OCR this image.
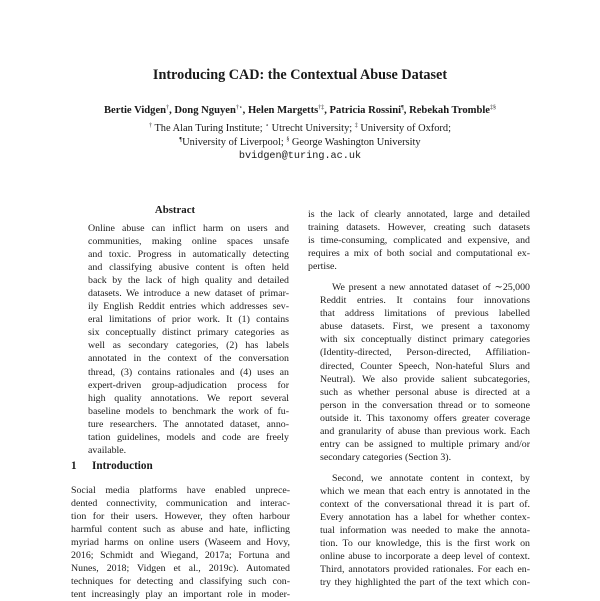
Introducing CAD: the Contextual Abuse Dataset
Bertie Vidgen†, Dong Nguyen†⋆, Helen Margetts†‡, Patricia Rossini¶, Rebekah Tromble‡§
† The Alan Turing Institute; ⋆ Utrecht University; ‡ University of Oxford;
¶University of Liverpool; § George Washington University
bvidgen@turing.ac.uk
Abstract
Online abuse can inflict harm on users and
communities, making online spaces unsafe
and toxic. Progress in automatically detecting
and classifying abusive content is often held
back by the lack of high quality and detailed
datasets. We introduce a new dataset of primar-
ily English Reddit entries which addresses sev-
eral limitations of prior work. It (1) contains
six conceptually distinct primary categories as
well as secondary categories, (2) has labels
annotated in the context of the conversation
thread, (3) contains rationales and (4) uses an
expert-driven group-adjudication process for
high quality annotations. We report several
baseline models to benchmark the work of fu-
ture researchers. The annotated dataset, anno-
tation guidelines, models and code are freely
available.
1 Introduction
Social media platforms have enabled unprece-
dented connectivity, communication and interac-
tion for their users. However, they often harbour
harmful content such as abuse and hate, inflicting
myriad harms on online users (Waseem and Hovy,
2016; Schmidt and Wiegand, 2017a; Fortuna and
Nunes, 2018; Vidgen et al., 2019c). Automated
techniques for detecting and classifying such con-
tent increasingly play an important role in moder-

is the lack of clearly annotated, large and detailed
training datasets. However, creating such datasets
is time-consuming, complicated and expensive, and
requires a mix of both social and computational ex-
pertise.

We present a new annotated dataset of ∼25,000
Reddit entries. It contains four innovations
that address limitations of previous labelled
abuse datasets. First, we present a taxonomy
with six conceptually distinct primary categories
(Identity-directed, Person-directed, Affiliation-
directed, Counter Speech, Non-hateful Slurs and
Neutral). We also provide salient subcategories,
such as whether personal abuse is directed at a
person in the conversation thread or to someone
outside it. This taxonomy offers greater coverage
and granularity of abuse than previous work. Each
entry can be assigned to multiple primary and/or
secondary categories (Section 3).

Second, we annotate content in context, by
which we mean that each entry is annotated in the
context of the conversational thread it is part of.
Every annotation has a label for whether contex-
tual information was needed to make the annota-
tion. To our knowledge, this is the first work on
online abuse to incorporate a deep level of context.
Third, annotators provided rationales. For each en-
try they highlighted the part of the text which con-
